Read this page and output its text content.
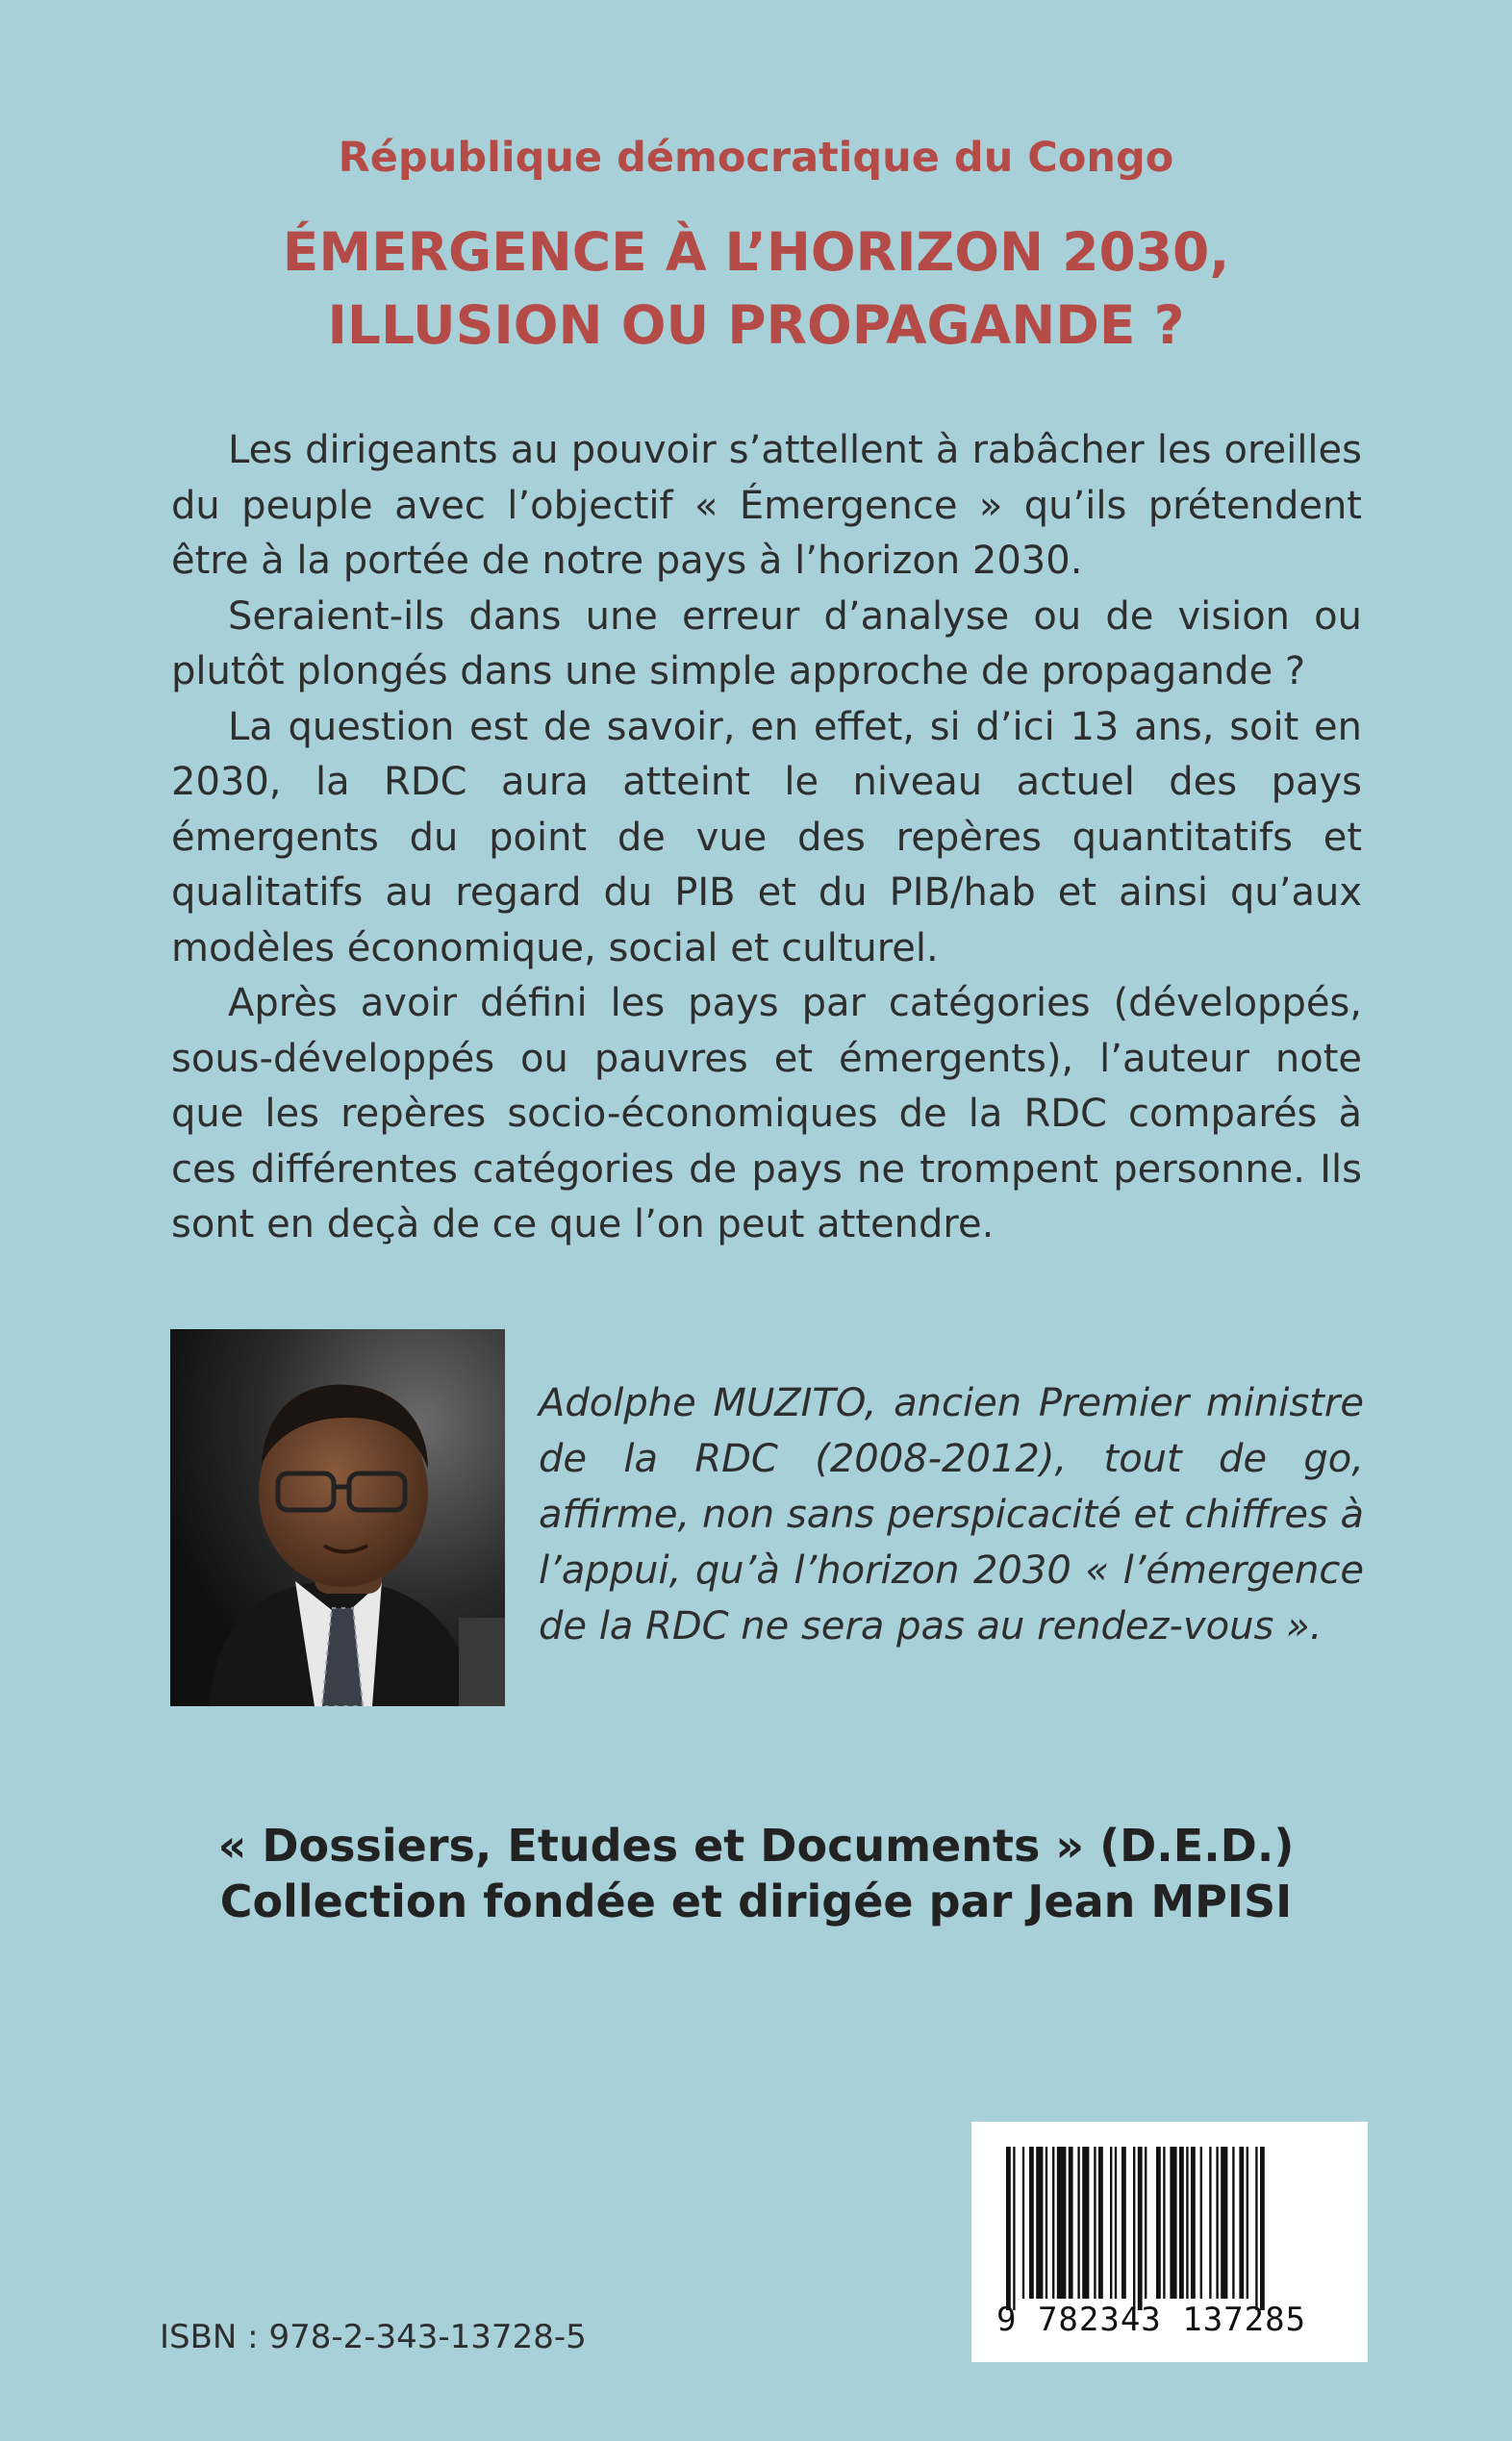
République démocratique du Congo
ÉMERGENCE À L’HORIZON 2030,
ILLUSION OU PROPAGANDE ?

Les dirigeants au pouvoir s’attellent à rabâcher les oreilles du peuple avec l’objectif « Émergence » qu’ils prétendent être à la portée de notre pays à l’horizon 2030.

Seraient-ils dans une erreur d’analyse ou de vision ou plutôt plongés dans une simple approche de propagande ?

La question est de savoir, en effet, si d’ici 13 ans, soit en 2030, la RDC aura atteint le niveau actuel des pays émergents du point de vue des repères quantitatifs et qualitatifs au regard du PIB et du PIB/hab et ainsi qu’aux modèles économique, social et culturel.

Après avoir défini les pays par catégories (développés, sous-développés ou pauvres et émergents), l’auteur note que les repères socio-économiques de la RDC comparés à ces différentes catégories de pays ne trompent personne. Ils sont en deçà de ce que l’on peut attendre.

Adolphe MUZITO, ancien Premier ministre de la RDC (2008-2012), tout de go, affirme, non sans perspicacité et chiffres à l’appui, qu’à l’horizon 2030 « l’émergence de la RDC ne sera pas au rendez-vous ».
« Dossiers, Etudes et Documents » (D.E.D.)
Collection fondée et dirigée par Jean MPISI
9 782343 137285
ISBN : 978-2-343-13728-5
